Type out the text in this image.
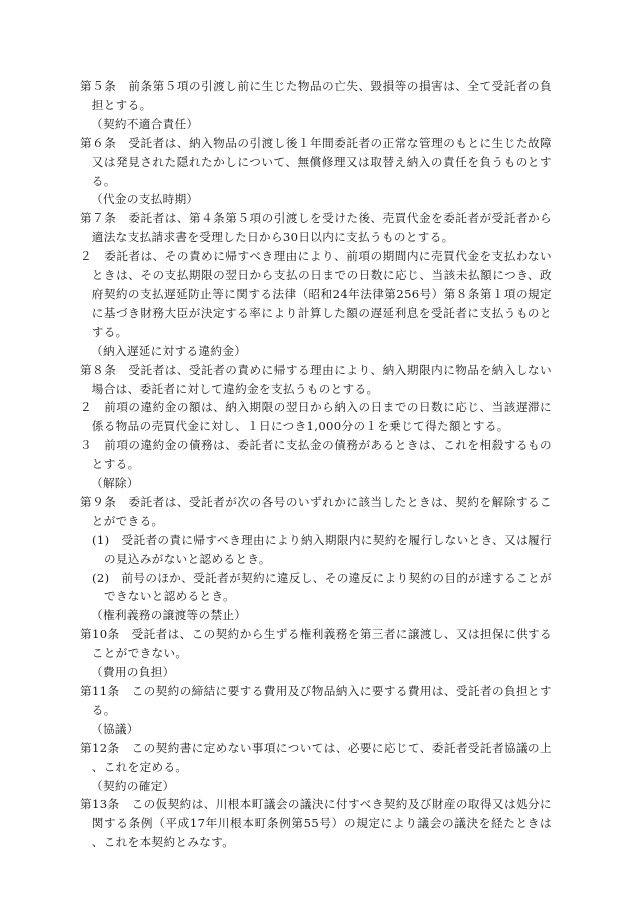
第５条　前条第５項の引渡し前に生じた物品の亡失、毀損等の損害は、全て受託者の負担とする。

（契約不適合責任）

第６条　受託者は、納入物品の引渡し後１年間委託者の正常な管理のもとに生じた故障又は発見された隠れたかしについて、無償修理又は取替え納入の責任を負うものとする。

（代金の支払時期）

第７条　委託者は、第４条第５項の引渡しを受けた後、売買代金を委託者が受託者から適法な支払請求書を受理した日から30日以内に支払うものとする。

２　委託者は、その責めに帰すべき理由により、前項の期間内に売買代金を支払わないときは、その支払期限の翌日から支払の日までの日数に応じ、当該未払額につき、政府契約の支払遅延防止等に関する法律（昭和24年法律第256号）第８条第１項の規定に基づき財務大臣が決定する率により計算した額の遅延利息を受託者に支払うものとする。

（納入遅延に対する違約金）

第８条　受託者は、受託者の責めに帰する理由により、納入期限内に物品を納入しない場合は、委託者に対して違約金を支払うものとする。

２　前項の違約金の額は、納入期限の翌日から納入の日までの日数に応じ、当該遅滞に係る物品の売買代金に対し、１日につき1,000分の１を乗じて得た額とする。

３　前項の違約金の債務は、委託者に支払金の債務があるときは、これを相殺するものとする。

（解除）

第９条　委託者は、受託者が次の各号のいずれかに該当したときは、契約を解除することができる。

(1)　受託者の責に帰すべき理由により納入期限内に契約を履行しないとき、又は履行の見込みがないと認めるとき。

(2)　前号のほか、受託者が契約に違反し、その違反により契約の目的が達することができないと認めるとき。

（権利義務の譲渡等の禁止）

第10条　受託者は、この契約から生ずる権利義務を第三者に譲渡し、又は担保に供することができない。

（費用の負担）

第11条　この契約の締結に要する費用及び物品納入に要する費用は、受託者の負担とする。

（協議）

第12条　この契約書に定めない事項については、必要に応じて、委託者受託者協議の上、これを定める。

（契約の確定）

第13条　この仮契約は、川根本町議会の議決に付すべき契約及び財産の取得又は処分に関する条例（平成17年川根本町条例第55号）の規定により議会の議決を経たときは、これを本契約とみなす。
